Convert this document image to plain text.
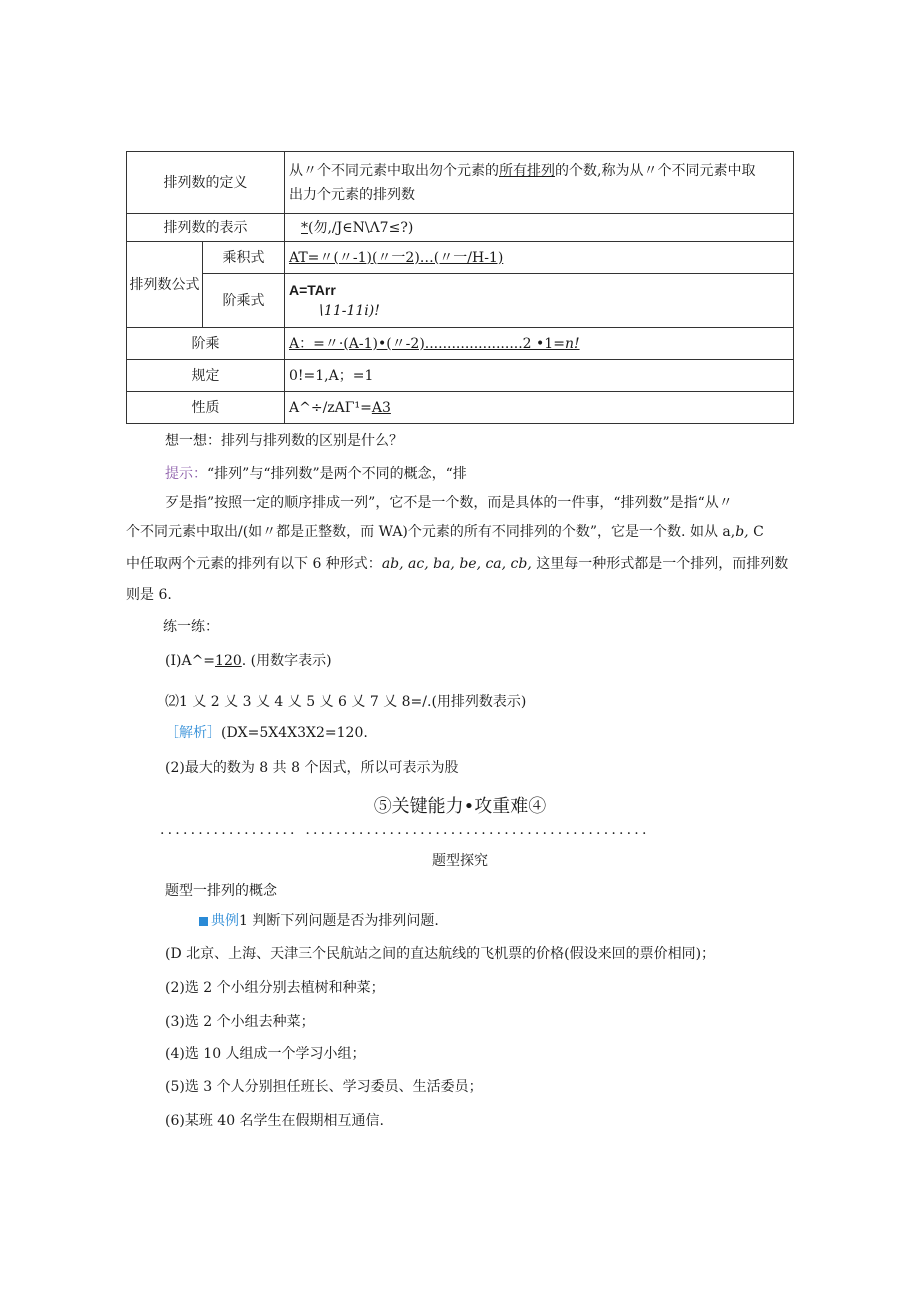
排列数的定义		从〃个不同元素中取出勿个元素的所有排列的个数,称为从〃个不同元素中取
出力个元素的排列数
排列数的表示		*(勿,/J∈N\Λ7≤?)
排列数公式	乘积式	AT=〃(〃-1)(〃一2)…(〃一/H-1)
	阶乘式	A=TArr
∖11-11i)!
阶乘		A：=〃·(A-1)•(〃-2)......................2 •1=n!
规定		0!=1,A；=1
性质		A^÷/zAΓ¹=A3
想一想：排列与排列数的区别是什么？
提示：“排列”与“排列数”是两个不同的概念，“排
歹是指”按照一定的顺序排成一列”，它不是一个数，而是具体的一件事，“排列数”是指“从〃
个不同元素中取出/(如〃都是正整数，而 WA)个元素的所有不同排列的个数”，它是一个数. 如从 a,b, C
中任取两个元素的排列有以下 6 种形式：ab, ac, ba, be, ca, cb, 这里每一种形式都是一个排列，而排列数
则是 6.
练一练：
(I)A^=120. (用数字表示)
⑵1 乂 2 乂 3 乂 4 乂 5 乂 6 乂 7 乂 8=/.(用排列数表示)
［解析］(DX=5X4X3X2=120.
(2)最大的数为 8 共 8 个因式，所以可表示为股
⑤关键能力•攻重难④
.................. .............................................
题型探究
题型一排列的概念
典例1 判断下列问题是否为排列问题.
(D 北京、上海、天津三个民航站之间的直达航线的飞机票的价格(假设来回的票价相同)；
(2)选 2 个小组分别去植树和种菜；
(3)选 2 个小组去种菜；
(4)选 10 人组成一个学习小组；
(5)选 3 个人分别担任班长、学习委员、生活委员；
(6)某班 40 名学生在假期相互通信.
